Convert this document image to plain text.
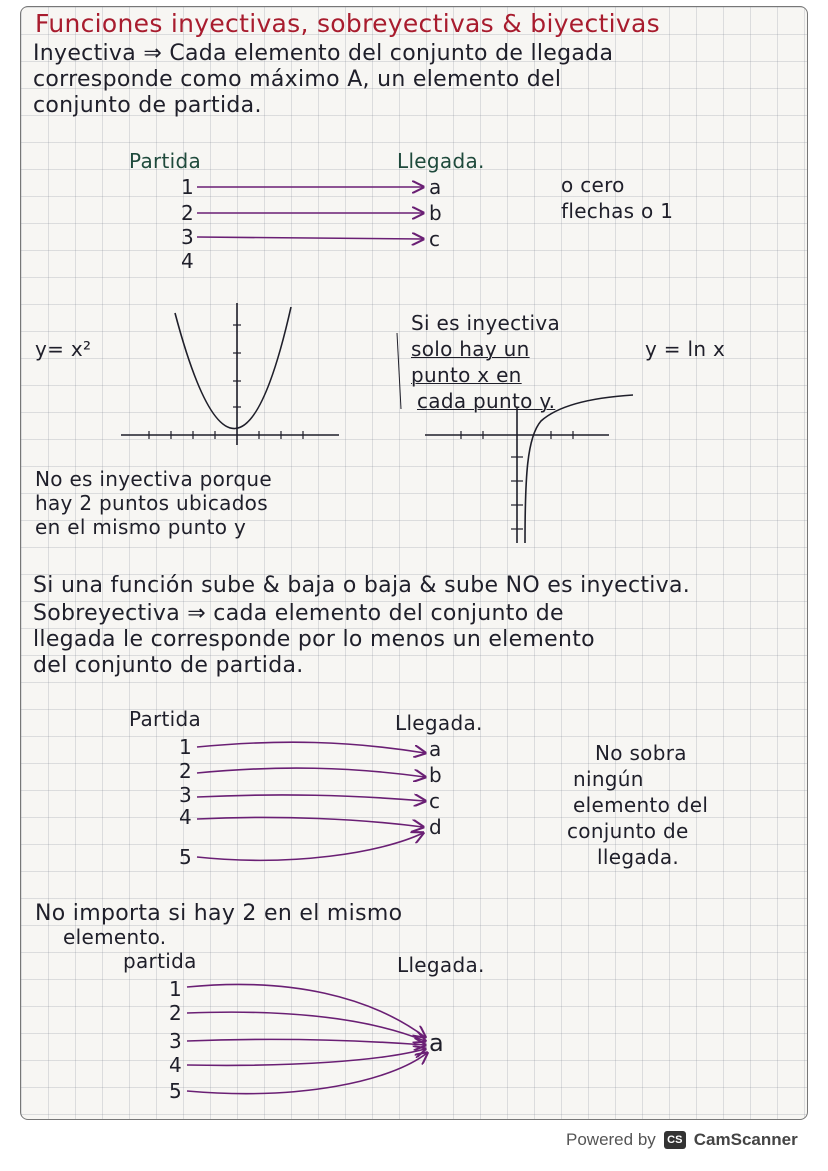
Funciones inyectivas, sobreyectivas & biyectivas
Inyectiva ⇒ Cada elemento del conjunto de llegada
corresponde como máximo A, un elemento del
conjunto de partida.
Partida	Llegada.
1
2
3
4
a
b
c
o cero
flechas o 1
y= x²	y = ln x
Si es inyectiva
solo hay un
punto x en
cada punto y.
No es inyectiva porque
hay 2 puntos ubicados
en el mismo punto y
Si una función sube & baja o baja & sube NO es inyectiva.
Sobreyectiva ⇒ cada elemento del conjunto de
llegada le corresponde por lo menos un elemento
del conjunto de partida.
Partida	Llegada.
1
2
3
4
5
a
b
c
d
No sobra
ningún
elemento del
conjunto de
llegada.
No importa si hay 2 en el mismo
elemento.
partida	Llegada.
1
2
3
4
5
a
Powered by	CS CamScanner
